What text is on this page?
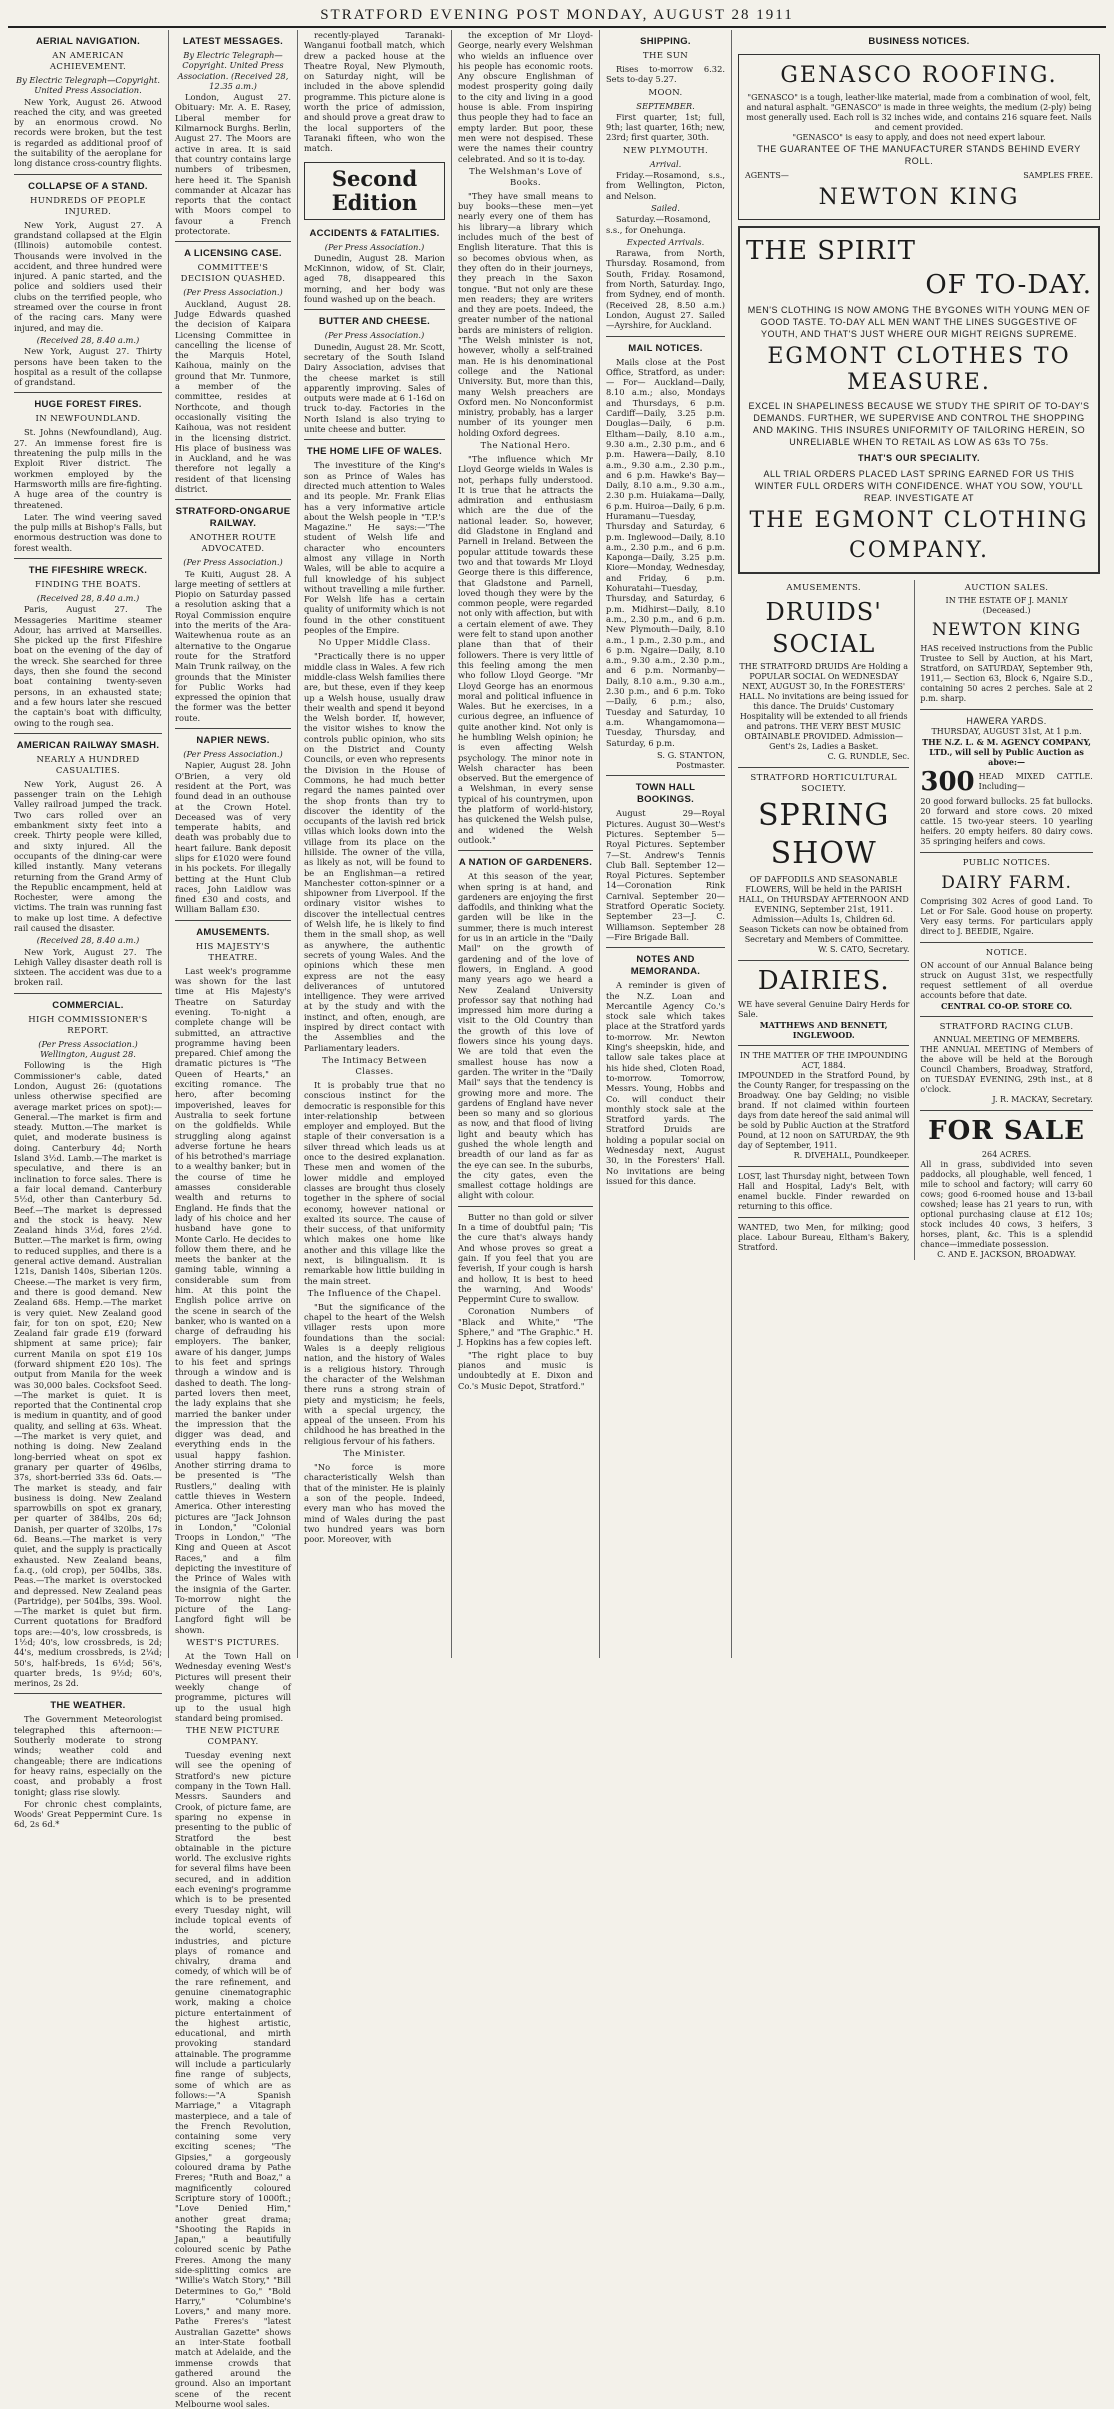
STRATFORD EVENING POST MONDAY, AUGUST 28 1911
AERIAL NAVIGATION.
AN AMERICAN ACHIEVEMENT.
By Electric Telegraph—Copyright. United Press Association.

New York, August 26. Atwood reached the city, and was greeted by an enormous crowd. No records were broken, but the test is regarded as additional proof of the suitability of the aeroplane for long distance cross-country flights.

COLLAPSE OF A STAND.
HUNDREDS OF PEOPLE INJURED.

New York, August 27. A grandstand collapsed at the Elgin (Illinois) automobile contest. Thousands were involved in the accident, and three hundred were injured. A panic started, and the police and soldiers used their clubs on the terrified people, who streamed over the course in front of the racing cars. Many were injured, and may die.

(Received 28, 8.40 a.m.)

New York, August 27. Thirty persons have been taken to the hospital as a result of the collapse of grandstand.

HUGE FOREST FIRES.
IN NEWFOUNDLAND.

St. Johns (Newfoundland), Aug. 27. An immense forest fire is threatening the pulp mills in the Exploit River district. The workmen employed by the Harmsworth mills are fire-fighting. A huge area of the country is threatened.

Later. The wind veering saved the pulp mills at Bishop's Falls, but enormous destruction was done to forest wealth.

THE FIFESHIRE WRECK.
FINDING THE BOATS.
(Received 28, 8.40 a.m.)

Paris, August 27. The Messageries Maritime steamer Adour, has arrived at Marseilles. She picked up the first Fifeshire boat on the evening of the day of the wreck. She searched for three days, then she found the second boat containing twenty-seven persons, in an exhausted state; and a few hours later she rescued the captain's boat with difficulty, owing to the rough sea.

AMERICAN RAILWAY SMASH.
NEARLY A HUNDRED CASUALTIES.

New York, August 26. A passenger train on the Lehigh Valley railroad jumped the track. Two cars rolled over an embankment sixty feet into a creek. Thirty people were killed, and sixty injured. All the occupants of the dining-car were killed instantly. Many veterans returning from the Grand Army of the Republic encampment, held at Rochester, were among the victims. The train was running fast to make up lost time. A defective rail caused the disaster.

(Received 28, 8.40 a.m.)

New York, August 27. The Lehigh Valley disaster death roll is sixteen. The accident was due to a broken rail.

COMMERCIAL.
HIGH COMMISSIONER'S REPORT.
(Per Press Association.) Wellington, August 28.

Following is the High Commissioner's cable, dated London, August 26: (quotations unless otherwise specified are average market prices on spot):— General.—The market is firm and steady. Mutton.—The market is quiet, and moderate business is doing. Canterbury 4d; North Island 3½d. Lamb.—The market is speculative, and there is an inclination to force sales. There is a fair local demand. Canterbury 5½d, other than Canterbury 5d. Beef.—The market is depressed and the stock is heavy. New Zealand hinds 3½d, fores 2½d. Butter.—The market is firm, owing to reduced supplies, and there is a general active demand. Australian 121s, Danish 140s, Siberian 120s. Cheese.—The market is very firm, and there is good demand. New Zealand 68s. Hemp.—The market is very quiet. New Zealand good fair, for ton on spot, £20; New Zealand fair grade £19 (forward shipment at same price); fair current Manila on spot £19 10s (forward shipment £20 10s). The output from Manila for the week was 30,000 bales. Cocksfoot Seed.—The market is quiet. It is reported that the Continental crop is medium in quantity, and of good quality, and selling at 63s. Wheat.—The market is very quiet, and nothing is doing. New Zealand long-berried wheat on spot ex granary per quarter of 496lbs, 37s, short-berried 33s 6d. Oats.—The market is steady, and fair business is doing. New Zealand sparrowbills on spot ex granary, per quarter of 384lbs, 20s 6d; Danish, per quarter of 320lbs, 17s 6d. Beans.—The market is very quiet, and the supply is practically exhausted. New Zealand beans, f.a.q., (old crop), per 504lbs, 38s. Peas.—The market is overstocked and depressed. New Zealand peas (Partridge), per 504lbs, 39s. Wool.—The market is quiet but firm. Current quotations for Bradford tops are:—40's, low crossbreds, is 1½d; 40's, low crossbreds, is 2d; 44's, medium crossbreds, is 2¼d; 50's, half-breds, 1s 6½d; 56's, quarter breds, 1s 9½d; 60's, merinos, 2s 2d.

THE WEATHER.

The Government Meteorologist telegraphed this afternoon:—Southerly moderate to strong winds; weather cold and changeable; there are indications for heavy rains, especially on the coast, and probably a frost tonight; glass rise slowly.

For chronic chest complaints, Woods' Great Peppermint Cure. 1s 6d, 2s 6d.*

LATEST MESSAGES.
By Electric Telegraph—Copyright. United Press Association. (Received 28, 12.35 a.m.)

London, August 27. Obituary: Mr. A. E. Rasey, Liberal member for Kilmarnock Burghs. Berlin, August 27. The Moors are active in area. It is said that country contains large numbers of tribesmen, here heed it. The Spanish commander at Alcazar has reports that the contact with Moors compel to favour a French protectorate.

A LICENSING CASE.
COMMITTEE'S DECISION QUASHED.
(Per Press Association.)

Auckland, August 28. Judge Edwards quashed the decision of Kaipara Licensing Committee in cancelling the license of the Marquis Hotel, Kaihoua, mainly on the ground that Mr. Tunmore, a member of the committee, resides at Northcote, and though occasionally visiting the Kaihoua, was not resident in the licensing district. His place of business was in Auckland, and he was therefore not legally a resident of that licensing district.

STRATFORD-ONGARUE RAILWAY.
ANOTHER ROUTE ADVOCATED.
(Per Press Association.)

Te Kuiti, August 28. A large meeting of settlers at Piopio on Saturday passed a resolution asking that a Royal Commission enquire into the merits of the Ara-Waitewhenua route as an alternative to the Ongarue route for the Stratford Main Trunk railway, on the grounds that the Minister for Public Works had expressed the opinion that the former was the better route.

NAPIER NEWS.
(Per Press Association.)

Napier, August 28. John O'Brien, a very old resident at the Port, was found dead in an outhouse at the Crown Hotel. Deceased was of very temperate habits, and death was probably due to heart failure. Bank deposit slips for £1020 were found in his pockets. For illegally betting at the Hunt Club races, John Laidlow was fined £30 and costs, and William Ballam £30.

AMUSEMENTS.
HIS MAJESTY'S THEATRE.

Last week's programme was shown for the last time at His Majesty's Theatre on Saturday evening. To-night a complete change will be submitted, an attractive programme having been prepared. Chief among the dramatic pictures is "The Queen of Hearts," an exciting romance. The hero, after becoming impoverished, leaves for Australia to seek fortune on the goldfields. While struggling along against adverse fortune he hears of his betrothed's marriage to a wealthy banker; but in the course of time he amasses considerable wealth and returns to England. He finds that the lady of his choice and her husband have gone to Monte Carlo. He decides to follow them there, and he meets the banker at the gaming table, winning a considerable sum from him. At this point the English police arrive on the scene in search of the banker, who is wanted on a charge of defrauding his employers. The banker, aware of his danger, jumps to his feet and springs through a window and is dashed to death. The long-parted lovers then meet, the lady explains that she married the banker under the impression that the digger was dead, and everything ends in the usual happy fashion. Another stirring drama to be presented is "The Rustlers," dealing with cattle thieves in Western America. Other interesting pictures are "Jack Johnson in London," "Colonial Troops in London," "The King and Queen at Ascot Races," and a film depicting the investiture of the Prince of Wales with the insignia of the Garter. To-morrow night the picture of the Lang-Langford fight will be shown.

WEST'S PICTURES.

At the Town Hall on Wednesday evening West's Pictures will present their weekly change of programme, pictures will up to the usual high standard being promised.

THE NEW PICTURE COMPANY.

Tuesday evening next will see the opening of Stratford's new picture company in the Town Hall. Messrs. Saunders and Crook, of picture fame, are sparing no expense in presenting to the public of Stratford the best obtainable in the picture world. The exclusive rights for several films have been secured, and in addition each evening's programme which is to be presented every Tuesday night, will include topical events of the world, scenery, industries, and picture plays of romance and chivalry, drama and comedy, of which will be of the rare refinement, and genuine cinematographic work, making a choice picture entertainment of the highest artistic, educational, and mirth provoking standard attainable. The programme will include a particularly fine range of subjects, some of which are as follows:—"A Spanish Marriage," a Vitagraph masterpiece, and a tale of the French Revolution, containing some very exciting scenes; "The Gipsies," a gorgeously coloured drama by Pathe Freres; "Ruth and Boaz," a magnificently coloured Scripture story of 1000ft.; "Love Denied Him," another great drama; "Shooting the Rapids in Japan," a beautifully coloured scenic by Pathe Freres. Among the many side-splitting comics are "Willie's Watch Story," "Bill Determines to Go," "Bold Harry," "Columbine's Lovers," and many more. Pathe Freres's "latest Australian Gazette" shows an inter-State football match at Adelaide, and the immense crowds that gathered around the ground. Also an important scene of the recent Melbourne wool sales.

recently-played Taranaki-Wanganui football match, which drew a packed house at the Theatre Royal, New Plymouth, on Saturday night, will be included in the above splendid programme. This picture alone is worth the price of admission, and should prove a great draw to the local supporters of the Taranaki fifteen, who won the match.

Second Edition
ACCIDENTS & FATALITIES.
(Per Press Association.)

Dunedin, August 28. Marion McKinnon, widow, of St. Clair, aged 78, disappeared this morning, and her body was found washed up on the beach.

BUTTER AND CHEESE.
(Per Press Association.)

Dunedin, August 28. Mr. Scott, secretary of the South Island Dairy Association, advises that the cheese market is still apparently improving. Sales of outputs were made at 6 1-16d on truck to-day. Factories in the North Island is also trying to unite cheese and butter.

THE HOME LIFE OF WALES.

The investiture of the King's son as Prince of Wales has directed much attention to Wales and its people. Mr. Frank Elias has a very informative article about the Welsh people in "T.P.'s Magazine." He says:—"The student of Welsh life and character who encounters almost any village in North Wales, will be able to acquire a full knowledge of his subject without travelling a mile further. For Welsh life has a certain quality of uniformity which is not found in the other constituent peoples of the Empire.

No Upper Middle Class.

"Practically there is no upper middle class in Wales. A few rich middle-class Welsh families there are, but these, even if they keep up a Welsh house, usually draw their wealth and spend it beyond the Welsh border. If, however, the visitor wishes to know the controls public opinion, who sits on the District and County Councils, or even who represents the Division in the House of Commons, he had much better regard the names painted over the shop fronts than try to discover the identity of the occupants of the lavish red brick villas which looks down into the village from its place on the hillside. The owner of the villa, as likely as not, will be found to be an Englishman—a retired Manchester cotton-spinner or a shipowner from Liverpool. If the ordinary visitor wishes to discover the intellectual centres of Welsh life, he is likely to find them in the small shop, as well as anywhere, the authentic secrets of young Wales. And the opinions which these men express are not the easy deliverances of untutored intelligence. They were arrived at by the study and with the instinct, and often, enough, are inspired by direct contact with the Assemblies and the Parliamentary leaders.

The Intimacy Between Classes.

It is probably true that no conscious instinct for the democratic is responsible for this inter-relationship between employer and employed. But the staple of their conversation is a silver thread which leads us at once to the desired explanation. These men and women of the lower middle and employed classes are brought thus closely together in the sphere of social economy, however national or exalted its source. The cause of their success, of that uniformity which makes one home like another and this village like the next, is bilingualism. It is remarkable how little building in the main street.

The Influence of the Chapel.

"But the significance of the chapel to the heart of the Welsh villager rests upon more foundations than the social: Wales is a deeply religious nation, and the history of Wales is a religious history. Through the character of the Welshman there runs a strong strain of piety and mysticism; he feels, with a special urgency, the appeal of the unseen. From his childhood he has breathed in the religious fervour of his fathers.

The Minister.

"No force is more characteristically Welsh than that of the minister. He is plainly a son of the people. Indeed, every man who has moved the mind of Wales during the past two hundred years was born poor. Moreover, with

the exception of Mr Lloyd-George, nearly every Welshman who wields an influence over his people has economic roots. Any obscure Englishman of modest prosperity going daily to the city and living in a good house is able. From inspiring thus people they had to face an empty larder. But poor, these men were not despised. These were the names their country celebrated. And so it is to-day.

The Welshman's Love of Books.

"They have small means to buy books—these men—yet nearly every one of them has his library—a library which includes much of the best of English literature. That this is so becomes obvious when, as they often do in their journeys, they preach in the Saxon tongue. "But not only are these men readers; they are writers and they are poets. Indeed, the greater number of the national bards are ministers of religion. "The Welsh minister is not, however, wholly a self-trained man. He is his denominational college and the National University. But, more than this, many Welsh preachers are Oxford men. No Nonconformist ministry, probably, has a larger number of its younger men holding Oxford degrees.

The National Hero.

"The influence which Mr Lloyd George wields in Wales is not, perhaps fully understood. It is true that he attracts the admiration and enthusiasm which are the due of the national leader. So, however, did Gladstone in England and Parnell in Ireland. Between the popular attitude towards these two and that towards Mr Lloyd George there is this difference, that Gladstone and Parnell, loved though they were by the common people, were regarded not only with affection, but with a certain element of awe. They were felt to stand upon another plane than that of their followers. There is very little of this feeling among the men who follow Lloyd George. "Mr Lloyd George has an enormous moral and political influence in Wales. But he exercises, in a curious degree, an influence of quite another kind. Not only is he humbling Welsh opinion; he is even affecting Welsh psychology. The minor note in Welsh character has been observed. But the emergence of a Welshman, in every sense typical of his countrymen, upon the platform of world-history, has quickened the Welsh pulse, and widened the Welsh outlook."

A NATION OF GARDENERS.

At this season of the year, when spring is at hand, and gardeners are enjoying the first daffodils, and thinking what the garden will be like in the summer, there is much interest for us in an article in the "Daily Mail" on the growth of gardening and of the love of flowers, in England. A good many years ago we heard a New Zealand University professor say that nothing had impressed him more during a visit to the Old Country than the growth of this love of flowers since his young days. We are told that even the smallest house has now a garden. The writer in the "Daily Mail" says that the tendency is growing more and more. The gardens of England have never been so many and so glorious as now, and that flood of living light and beauty which has gushed the whole length and breadth of our land as far as the eye can see. In the suburbs, the city gates, even the smallest cottage holdings are alight with colour.

Butter no than gold or silver In a time of doubtful pain; 'Tis the cure that's always handy And whose proves so great a gain. If you feel that you are feverish, If your cough is harsh and hollow, It is best to heed the warning, And Woods' Peppermint Cure to swallow.

Coronation Numbers of "Black and White," "The Sphere," and "The Graphic." H. J. Hopkins has a few copies left.

"The right place to buy pianos and music is undoubtedly at E. Dixon and Co.'s Music Depot, Stratford."

SHIPPING.
THE SUN

Rises to-morrow 6.32. Sets to-day 5.27.

MOON.
SEPTEMBER.

First quarter, 1st; full, 9th; last quarter, 16th; new, 23rd; first quarter, 30th.

NEW PLYMOUTH.
Arrival.

Friday.—Rosamond, s.s., from Wellington, Picton, and Nelson.

Sailed.

Saturday.—Rosamond, s.s., for Onehunga.

Expected Arrivals.

Rarawa, from North, Thursday. Rosamond, from South, Friday. Rosamond, from North, Saturday. Ingo, from Sydney, end of month. (Received 28, 8.50 a.m.) London, August 27. Sailed—Ayrshire, for Auckland.

MAIL NOTICES.

Mails close at the Post Office, Stratford, as under:— For— Auckland—Daily, 8.10 a.m.; also, Mondays and Thursdays, 6 p.m. Cardiff—Daily, 3.25 p.m. Douglas—Daily, 6 p.m. Eltham—Daily, 8.10 a.m., 9.30 a.m., 2.30 p.m., and 6 p.m. Hawera—Daily, 8.10 a.m., 9.30 a.m., 2.30 p.m., and 6 p.m. Hawke's Bay—Daily, 8.10 a.m., 9.30 a.m., 2.30 p.m. Huiakama—Daily, 6 p.m. Huiroa—Daily, 6 p.m. Huramanu—Tuesday, Thursday and Saturday, 6 p.m. Inglewood—Daily, 8.10 a.m., 2.30 p.m., and 6 p.m. Kaponga—Daily, 3.25 p.m. Kiore—Monday, Wednesday, and Friday, 6 p.m. Kohuratahi—Tuesday, Thursday, and Saturday, 6 p.m. Midhirst—Daily, 8.10 a.m., 2.30 p.m., and 6 p.m. New Plymouth—Daily, 8.10 a.m., 1 p.m., 2.30 p.m., and 6 p.m. Ngaire—Daily, 8.10 a.m., 9.30 a.m., 2.30 p.m., and 6 p.m. Normanby—Daily, 8.10 a.m., 9.30 a.m., 2.30 p.m., and 6 p.m. Toko—Daily, 6 p.m.; also, Tuesday and Saturday, 10 a.m. Whangamomona—Tuesday, Thursday, and Saturday, 6 p.m.

S. G. STANTON, Postmaster.
TOWN HALL BOOKINGS.

August 29—Royal Pictures. August 30—West's Pictures. September 5—Royal Pictures. September 7—St. Andrew's Tennis Club Ball. September 12—Royal Pictures. September 14—Coronation Rink Carnival. September 20—Stratford Operatic Society. September 23—J. C. Williamson. September 28—Fire Brigade Ball.

NOTES AND MEMORANDA.

A reminder is given of the N.Z. Loan and Mercantile Agency Co.'s stock sale which takes place at the Stratford yards to-morrow. Mr. Newton King's sheepskin, hide, and tallow sale takes place at his hide shed, Cloten Road, to-morrow. Tomorrow, Messrs. Young, Hobbs and Co. will conduct their monthly stock sale at the Stratford yards. The Stratford Druids are holding a popular social on Wednesday next, August 30, in the Foresters' Hall. No invitations are being issued for this dance.

BUSINESS NOTICES.
GENASCO ROOFING.
"GENASCO" is a tough, leather-like material, made from a combination of wool, felt, and natural asphalt. "GENASCO" is made in three weights, the medium (2-ply) being most generally used. Each roll is 32 inches wide, and contains 216 square feet. Nails and cement provided.
"GENASCO" is easy to apply, and does not need expert labour.
THE GUARANTEE OF THE MANUFACTURER STANDS BEHIND EVERY ROLL.
AGENTS—	SAMPLES FREE.
NEWTON KING
THE SPIRIT
OF TO-DAY.
MEN'S CLOTHING IS NOW AMONG THE BYGONES WITH YOUNG MEN OF GOOD TASTE. TO-DAY ALL MEN WANT THE LINES SUGGESTIVE OF YOUTH, AND THAT'S JUST WHERE OUR MIGHT REIGNS SUPREME.
EGMONT CLOTHES TO MEASURE.
EXCEL IN SHAPELINESS BECAUSE WE STUDY THE SPIRIT OF TO-DAY'S DEMANDS. FURTHER, WE SUPERVISE AND CONTROL THE SHOPPING AND MAKING. THIS INSURES UNIFORMITY OF TAILORING HEREIN, SO UNRELIABLE WHEN TO RETAIL AS LOW AS 63s TO 75s.
THAT'S OUR SPECIALITY.
ALL TRIAL ORDERS PLACED LAST SPRING EARNED FOR US THIS WINTER FULL ORDERS WITH CONFIDENCE. WHAT YOU SOW, YOU'LL REAP. INVESTIGATE AT
THE EGMONT CLOTHING
COMPANY.
AMUSEMENTS.
DRUIDS'
SOCIAL
THE STRATFORD DRUIDS Are Holding a POPULAR SOCIAL On WEDNESDAY NEXT, AUGUST 30, In the FORESTERS' HALL. No invitations are being issued for this dance. The Druids' Customary Hospitality will be extended to all friends and patrons. THE VERY BEST MUSIC OBTAINABLE PROVIDED. Admission—Gent's 2s, Ladies a Basket.
C. G. RUNDLE, Sec.
STRATFORD HORTICULTURAL SOCIETY.
SPRING
SHOW
OF DAFFODILS AND SEASONABLE FLOWERS, Will be held in the PARISH HALL, On THURSDAY AFTERNOON AND EVENING, September 21st, 1911. Admission—Adults 1s, Children 6d. Season Tickets can now be obtained from Secretary and Members of Committee.
W. S. CATO, Secretary.
DAIRIES.
WE have several Genuine Dairy Herds for Sale.
MATTHEWS AND BENNETT, INGLEWOOD.
IN THE MATTER OF THE IMPOUNDING ACT, 1884.
IMPOUNDED in the Stratford Pound, by the County Ranger, for trespassing on the Broadway. One bay Gelding; no visible brand. If not claimed within fourteen days from date hereof the said animal will be sold by Public Auction at the Stratford Pound, at 12 noon on SATURDAY, the 9th day of September, 1911.
R. DIVEHALL, Poundkeeper.
LOST, last Thursday night, between Town Hall and Hospital, Lady's Belt, with enamel buckle. Finder rewarded on returning to this office.
WANTED, two Men, for milking; good place. Labour Bureau, Eltham's Bakery, Stratford.
AUCTION SALES.
IN THE ESTATE OF J. MANLY (Deceased.)
NEWTON KING
HAS received instructions from the Public Trustee to Sell by Auction, at his Mart, Stratford, on SATURDAY, September 9th, 1911,— Section 63, Block 6, Ngaire S.D., containing 50 acres 2 perches. Sale at 2 p.m. sharp.
HAWERA YARDS.
THURSDAY, AUGUST 31st, At 1 p.m.
THE N.Z. L. & M. AGENCY COMPANY, LTD., will sell by Public Auction as above:—
300 HEAD MIXED CATTLE. Including—
20 good forward bullocks. 25 fat bullocks. 20 forward and store cows. 20 mixed cattle. 15 two-year steers. 10 yearling heifers. 20 empty heifers. 80 dairy cows. 35 springing heifers and cows.
PUBLIC NOTICES.
DAIRY FARM.
Comprising 302 Acres of good Land. To Let or For Sale. Good house on property. Very easy terms. For particulars apply direct to J. BEEDIE, Ngaire.
NOTICE.
ON account of our Annual Balance being struck on August 31st, we respectfully request settlement of all overdue accounts before that date.
CENTRAL CO-OP. STORE CO.
STRATFORD RACING CLUB.
ANNUAL MEETING OF MEMBERS.
THE ANNUAL MEETING of Members of the above will be held at the Borough Council Chambers, Broadway, Stratford, on TUESDAY EVENING, 29th inst., at 8 o'clock.
J. R. MACKAY, Secretary.
FOR SALE
264 ACRES.
All in grass, subdivided into seven paddocks, all ploughable, well fenced, 1 mile to school and factory; will carry 60 cows; good 6-roomed house and 13-bail cowshed; lease has 21 years to run, with optional purchasing clause at £12 10s; stock includes 40 cows, 3 heifers, 3 horses, plant, &c. This is a splendid chance—immediate possession.
C. AND E. JACKSON, BROADWAY.
